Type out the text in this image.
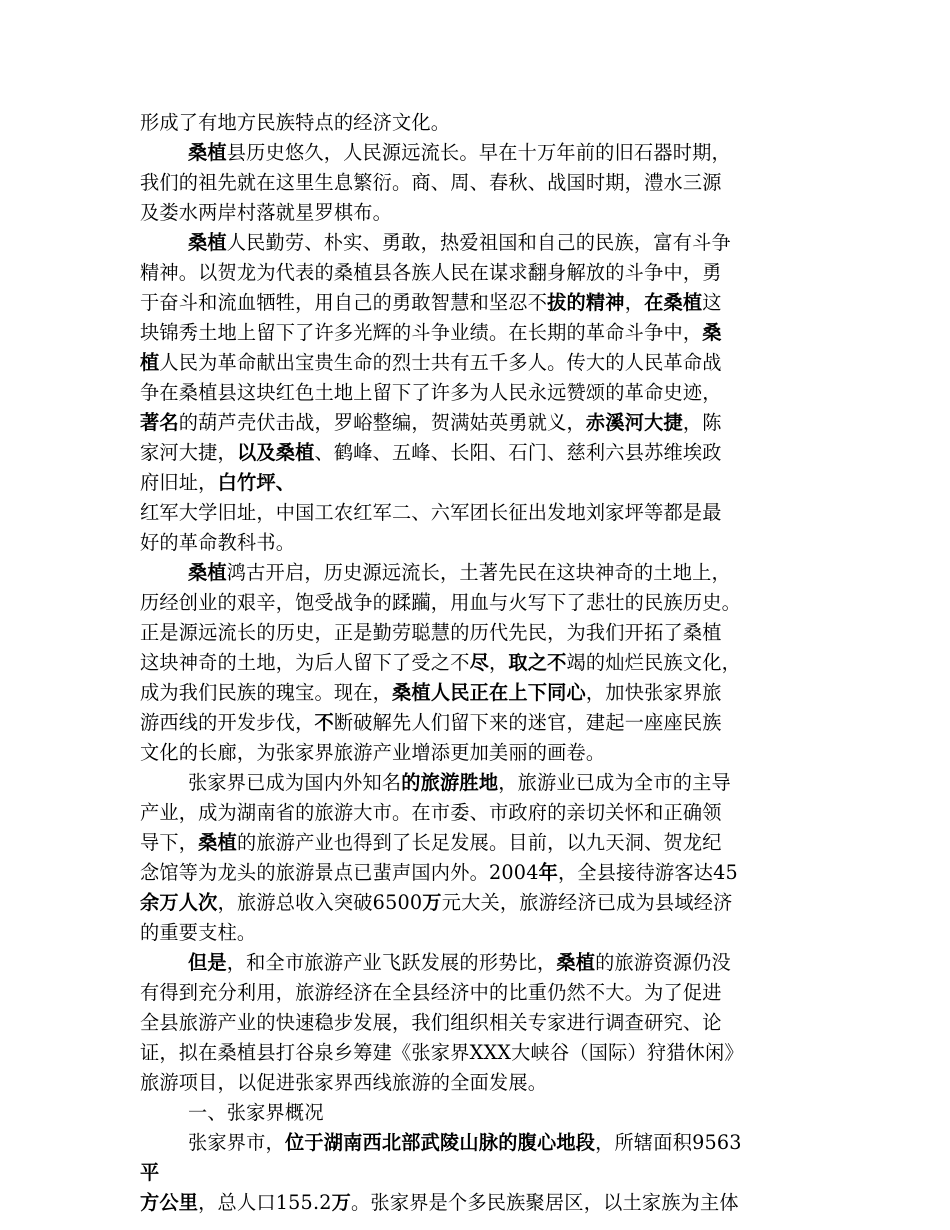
形成了有地方民族特点的经济文化。
桑植县历史悠久，人民源远流长。早在十万年前的旧石器时期，
我们的祖先就在这里生息繁衍。商、周、春秋、战国时期，澧水三源
及娄水两岸村落就星罗棋布。
桑植人民勤劳、朴实、勇敢，热爱祖国和自己的民族，富有斗争
精神。以贺龙为代表的桑植县各族人民在谋求翻身解放的斗争中，勇
于奋斗和流血牺牲，用自己的勇敢智慧和坚忍不拔的精神，在桑植这
块锦秀土地上留下了许多光辉的斗争业绩。在长期的革命斗争中，桑
植人民为革命献出宝贵生命的烈士共有五千多人。传大的人民革命战
争在桑植县这块红色土地上留下了许多为人民永远赞颂的革命史迹，
著名的葫芦壳伏击战，罗峪整编，贺满姑英勇就义，赤溪河大捷，陈
家河大捷，以及桑植、鹤峰、五峰、长阳、石门、慈利六县苏维埃政
府旧址，白竹坪、
红军大学旧址，中国工农红军二、六军团长征出发地刘家坪等都是最
好的革命教科书。
桑植鸿古开启，历史源远流长，土著先民在这块神奇的土地上，
历经创业的艰辛，饱受战争的蹂躏，用血与火写下了悲壮的民族历史。
正是源远流长的历史，正是勤劳聪慧的历代先民，为我们开拓了桑植
这块神奇的土地，为后人留下了受之不尽，取之不竭的灿烂民族文化，
成为我们民族的瑰宝。现在，桑植人民正在上下同心，加快张家界旅
游西线的开发步伐，不断破解先人们留下来的迷官，建起一座座民族
文化的长廊，为张家界旅游产业增添更加美丽的画卷。
张家界已成为国内外知名的旅游胜地，旅游业已成为全市的主导
产业，成为湖南省的旅游大市。在市委、市政府的亲切关怀和正确领
导下，桑植的旅游产业也得到了长足发展。目前，以九天洞、贺龙纪
念馆等为龙头的旅游景点已蜚声国内外。2004年，全县接待游客达45
余万人次，旅游总收入突破6500万元大关，旅游经济已成为县域经济
的重要支柱。
但是，和全市旅游产业飞跃发展的形势比，桑植的旅游资源仍没
有得到充分利用，旅游经济在全县经济中的比重仍然不大。为了促进
全县旅游产业的快速稳步发展，我们组织相关专家进行调查研究、论
证，拟在桑植县打谷泉乡筹建《张家界XXX大峡谷（国际）狩猎休闲》
旅游项目，以促进张家界西线旅游的全面发展。
一、张家界概况
张家界市，位于湖南西北部武陵山脉的腹心地段，所辖面积9563
平
方公里，总人口155.2万。张家界是个多民族聚居区，以土家族为主体
